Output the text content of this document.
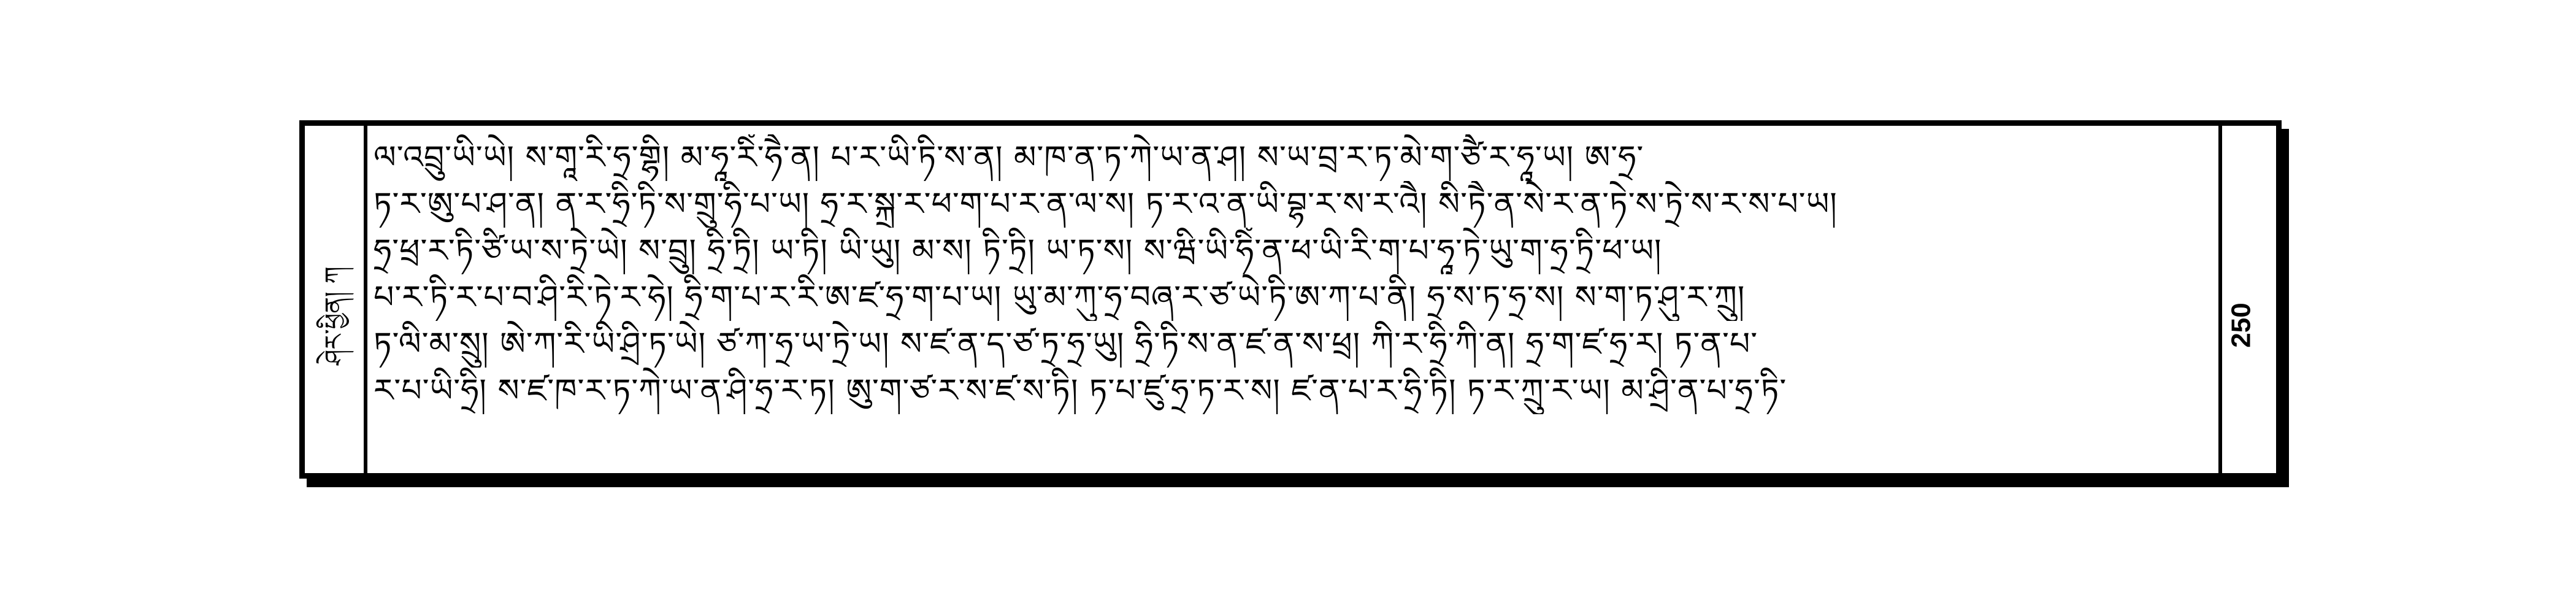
ཤེར་ཕྱིན། ཀ
ལ་འབྲུ་ཡི་ཡེ། ས་གཱ་རི་ཧྲ་གྷི། མ་ཧཱ་རིཾ་ཧཻ་ན། པ་ར་ཡི་ཏི་ས་ན། མ་ཁ་ན་ཏ་ཀེ་ཡ་ན་ཤ། ས་ཡ་བྲ་ར་ཏ་མེ་ག་ཙཻ་ར་ཧཱ་ཡ། ཨ་ཧྲ་
ཏ་ར་ཨུ་པ་ཤ་ན། ན་ར་ཧྲི་ཏི་ས་གྲུ་ཧི་པ་ཡ། ཧྲ་ར་སྐྲ་ར་ཕ་ག་པ་ར་ན་ལ་ས། ཏ་ར་འ་ན་ཡི་བྷ་ར་ས་ར་འཻ། སི་ཏཻ་ན་སེ་ར་ན་ཏེ་ས་ཏྲེ་ས་ར་ས་པ་ཡ།
ཧྲ་ཕྲ་ར་ཏི་ཙི་ཡ་ས་ཏྲེ་ཡེ། ས་བྲུ། ཧྲི་ཏྲི། ཡ་ཏི། ཡི་ཡུ། མ་ས། ཏི་ཏྲི། ཡ་ཏ་ས། ས་ཝི་ཡི་ཧིཾ་ན་ཕ་ཡི་རི་ག་པ་ཧཱ་ཏེ་ཡུ་ག་ཧྲ་ཏྲི་ཕ་ཡ།
པ་ར་ཏི་ར་པ་བ་ཤི་རི་ཏེ་ར་ཧེ། ཧྲི་ག་པ་ར་རི་ཨ་ཛ་ཧྲ་ག་པ་ཡ། ཡུ་མ་ཀུ་ཧྲ་བཞ་ར་ཙ་ཡེ་ཏི་ཨ་ཀ་པ་ནི། ཧྲ་ས་ཏ་ཧྲ་ས། ས་ག་ཏ་ཤུ་ར་ཀྲུ།
ཏ་ལི་མ་སྲུ། ཨེ་ཀ་རི་ཡི་ཤྲི་ཏ་ཡེ། ཙ་ཀ་ཧྲ་ཡ་ཏྲེ་ཡ། ས་ཛ་ན་ད་ཙ་ཏྲ་ཧྲ་ཡུ། ཧྲི་ཏི་ས་ན་ཛ་ན་ས་ཕྲ། ཀི་ར་ཧྲི་ཀི་ན། ཧྲ་ག་ཛ་ཧྲ་ར། ཏ་ན་པ་
ར་པ་ཡི་ཧྲི། ས་ཛ་ཁ་ར་ཏ་ཀེ་ཡ་ན་ཤི་ཧྲ་ར་ཏ། ཨུ་ག་ཙ་ར་ས་ཛ་ས་ཏི། ཏ་པ་ཛུ་ཧྲ་ཏ་ར་ས། ཛ་ན་པ་ར་ཧྲི་ཏི། ཏ་ར་ཀྲུ་ར་ཡ། མ་ཤྲི་ན་པ་ཧྲ་ཏི་
250
